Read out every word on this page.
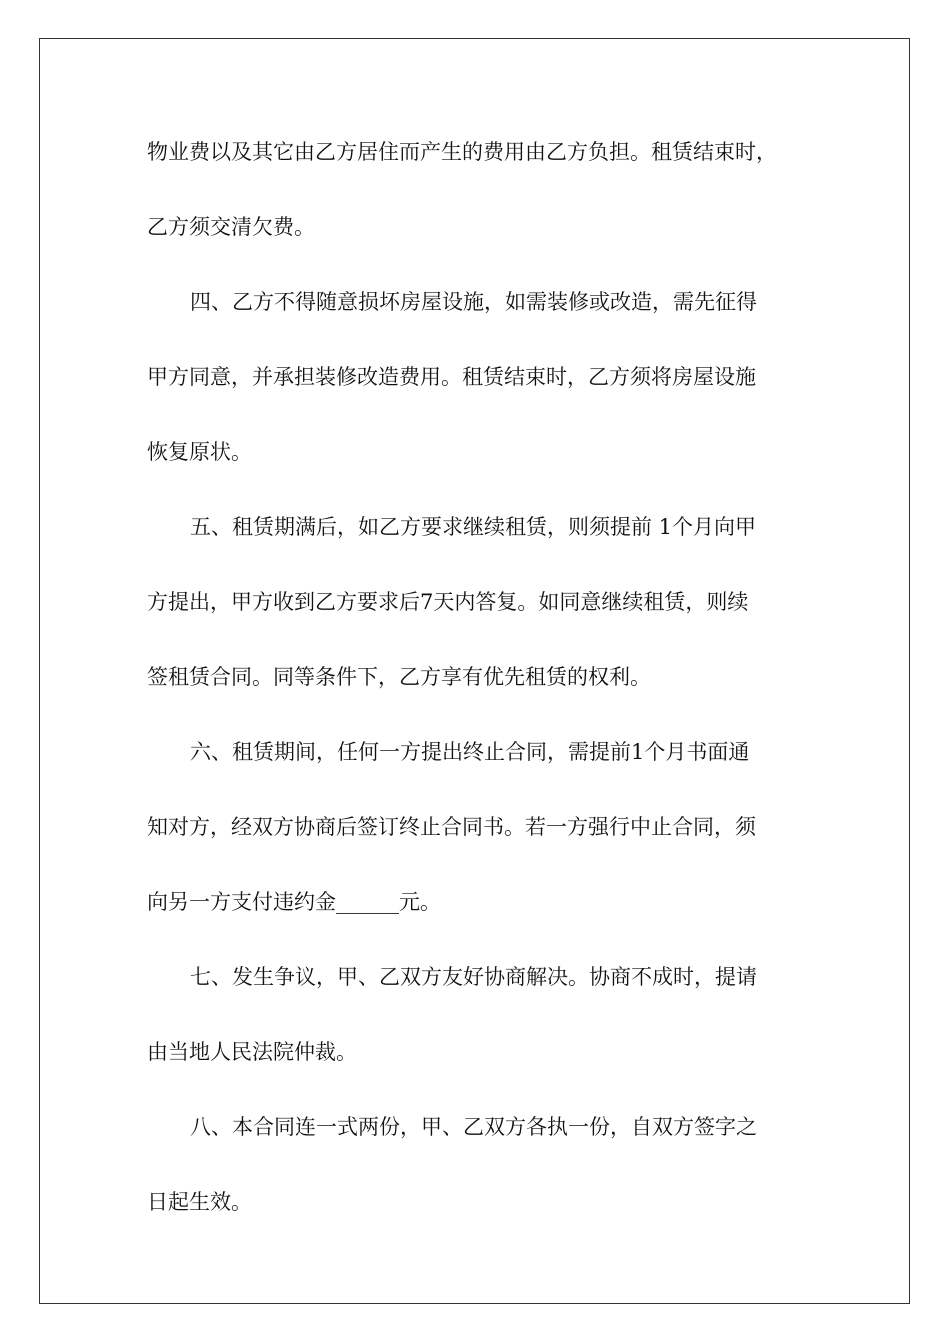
物业费以及其它由乙方居住而产生的费用由乙方负担。租赁结束时，
乙方须交清欠费。
四、乙方不得随意损坏房屋设施，如需装修或改造，需先征得
甲方同意，并承担装修改造费用。租赁结束时，乙方须将房屋设施
恢复原状。
五、租赁期满后，如乙方要求继续租赁，则须提前 1个月向甲
方提出，甲方收到乙方要求后7天内答复。如同意继续租赁，则续
签租赁合同。同等条件下，乙方享有优先租赁的权利。
六、租赁期间，任何一方提出终止合同，需提前1个月书面通
知对方，经双方协商后签订终止合同书。若一方强行中止合同，须
向另一方支付违约金______元。
七、发生争议，甲、乙双方友好协商解决。协商不成时，提请
由当地人民法院仲裁。
八、本合同连一式两份，甲、乙双方各执一份，自双方签字之
日起生效。
